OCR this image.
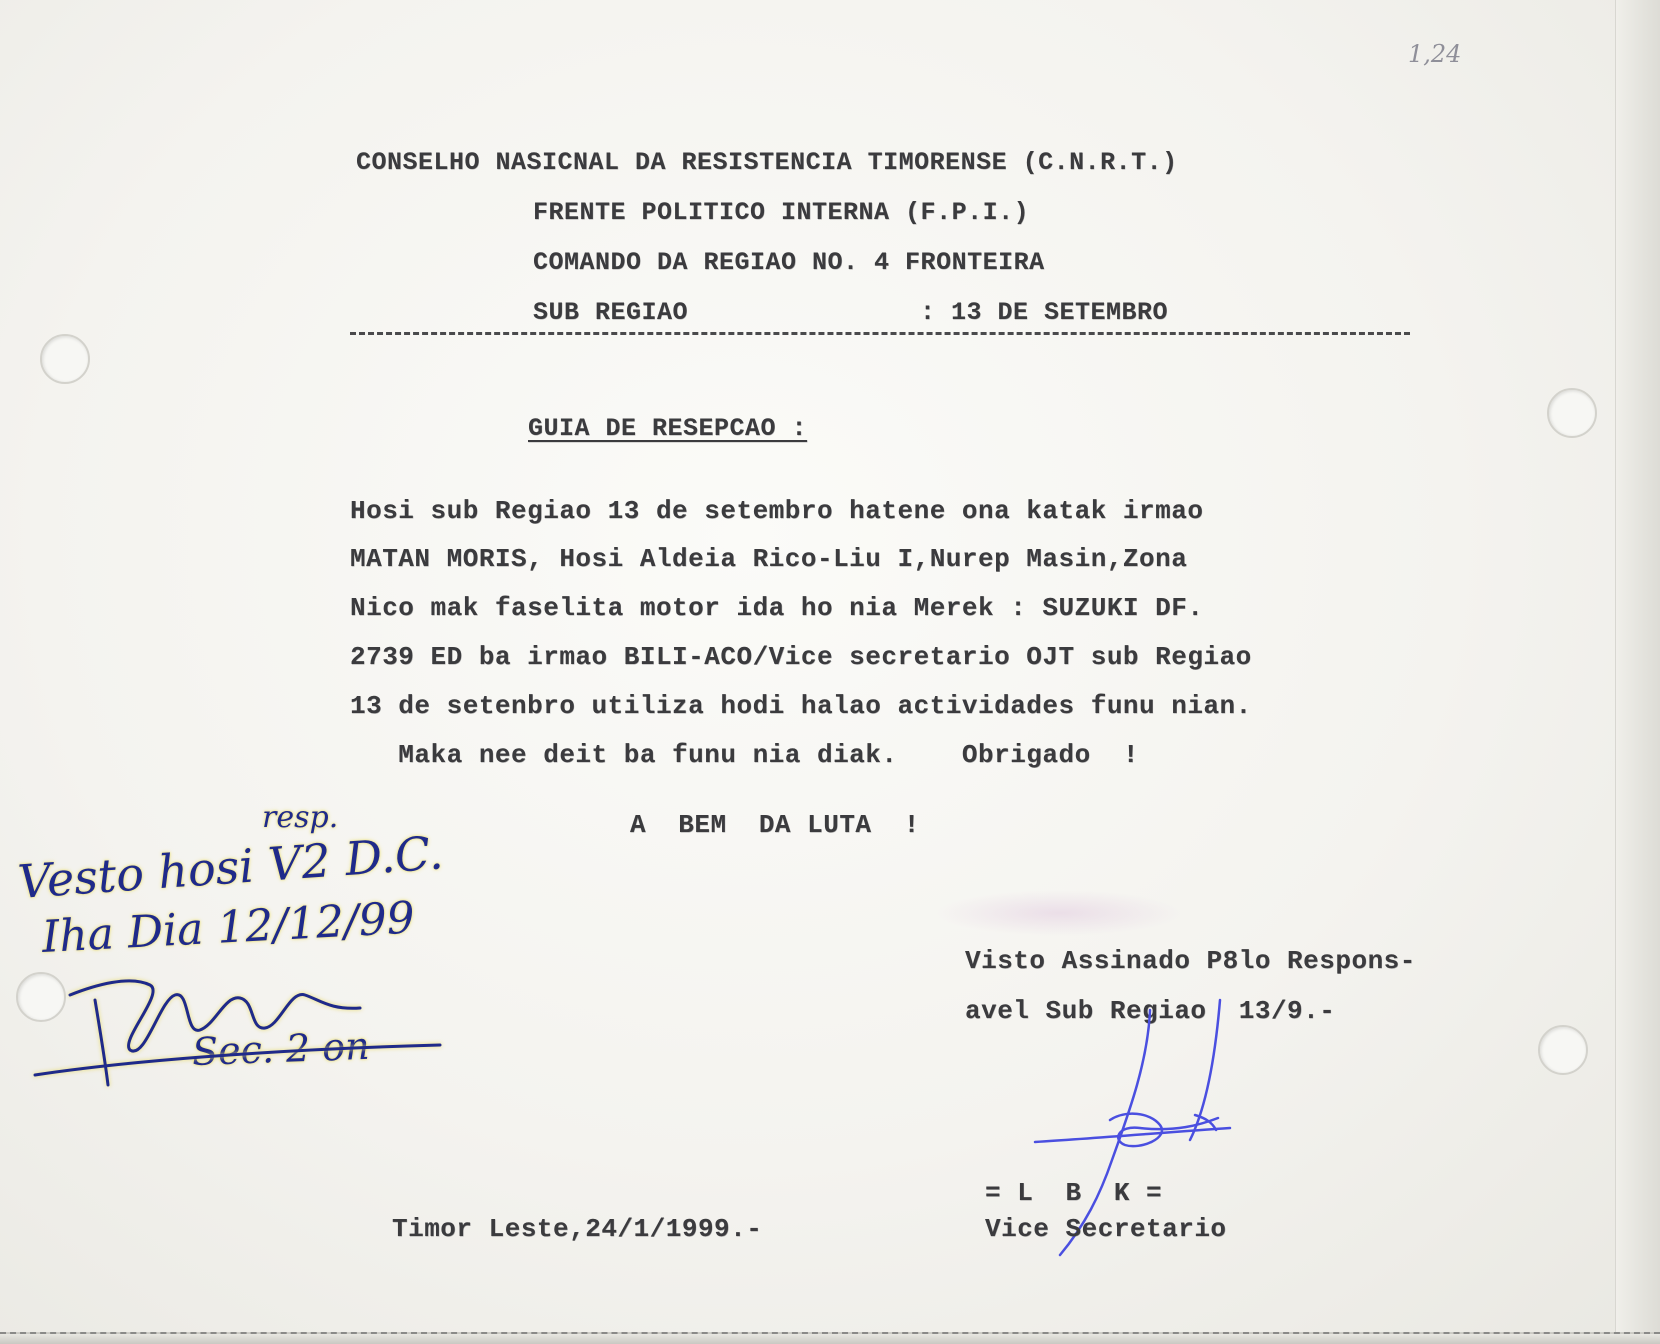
1,24
CONSELHO NASICNAL DA RESISTENCIA TIMORENSE (C.N.R.T.)
FRENTE POLITICO INTERNA (F.P.I.)
COMANDO DA REGIAO NO. 4 FRONTEIRA
SUB REGIAO	: 13 DE SETEMBRO
GUIA DE RESEPCAO :
Hosi sub Regiao 13 de setembro hatene ona katak irmao
MATAN MORIS, Hosi Aldeia Rico-Liu I,Nurep Masin,Zona
Nico mak faselita motor ida ho nia Merek : SUZUKI DF.
2739 ED ba irmao BILI-ACO/Vice secretario OJT sub Regiao
13 de setenbro utiliza hodi halao actividades funu nian.
Maka nee deit ba funu nia diak.    Obrigado  !
A  BEM  DA LUTA  !
resp.
Vesto hosi V2 D.C.
Iha Dia 12/12/99
Sec. 2 on
Visto Assinado P8lo Respons-
avel Sub Regiao  13/9.-
= L  B  K =
Vice Secretario
Timor Leste,24/1/1999.-
